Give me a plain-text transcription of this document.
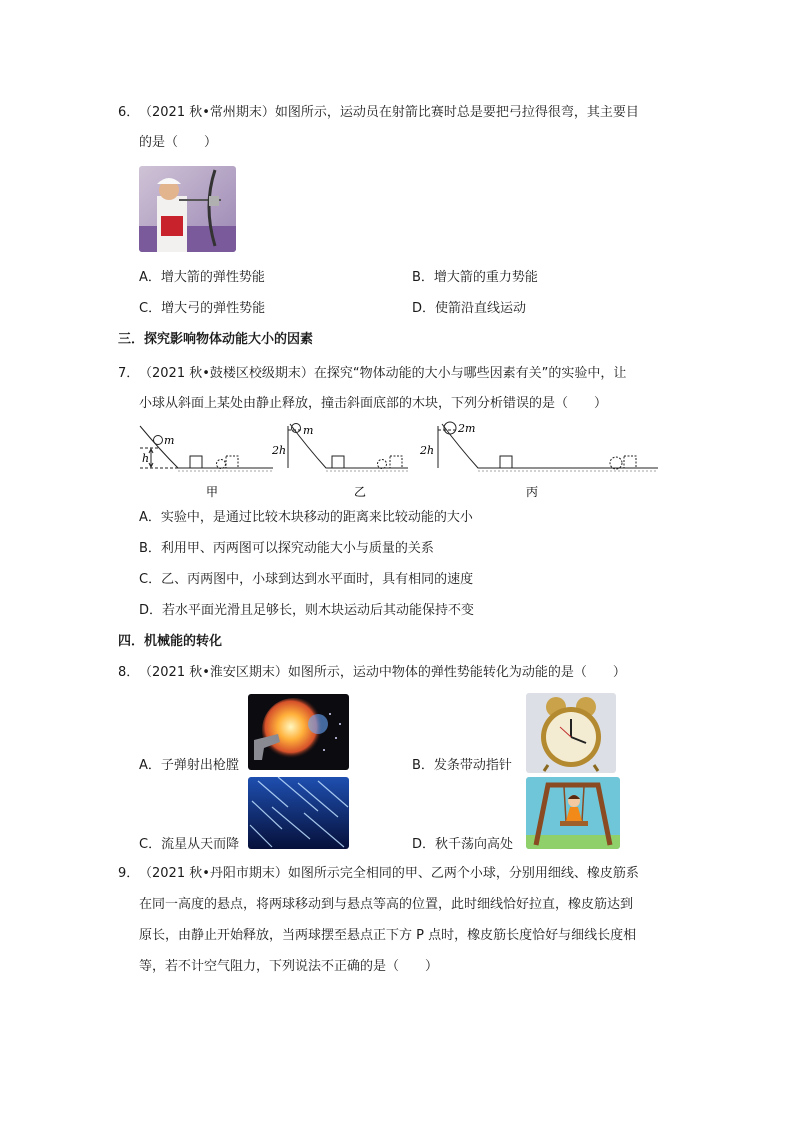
6． （2021 秋•常州期末）如图所示，运动员在射箭比赛时总是要把弓拉得很弯，其主要目
的是（　　）
A．增大箭的弹性势能	B．增大箭的重力势能
C．增大弓的弹性势能	D．使箭沿直线运动
三．探究影响物体动能大小的因素
7． （2021 秋•鼓楼区校级期末）在探究“物体动能的大小与哪些因素有关”的实验中，让
小球从斜面上某处由静止释放，撞击斜面底部的木块，下列分析错误的是（　　）
h
m
2h
m
2h
2m
甲	乙	丙
A．实验中，是通过比较木块移动的距离来比较动能的大小
B．利用甲、丙两图可以探究动能大小与质量的关系
C．乙、丙两图中，小球到达到水平面时，具有相同的速度
D．若水平面光滑且足够长，则木块运动后其动能保持不变
四．机械能的转化
8． （2021 秋•淮安区期末）如图所示，运动中物体的弹性势能转化为动能的是（　　）
A．子弹射出枪膛	B．发条带动指针
C．流星从天而降	D．秋千荡向高处
9． （2021 秋•丹阳市期末）如图所示完全相同的甲、乙两个小球，分别用细线、橡皮筋系
在同一高度的悬点，将两球移动到与悬点等高的位置，此时细线恰好拉直，橡皮筋达到
原长，由静止开始释放，当两球摆至悬点正下方 P 点时，橡皮筋长度恰好与细线长度相
等，若不计空气阻力，下列说法不正确的是（　　）
